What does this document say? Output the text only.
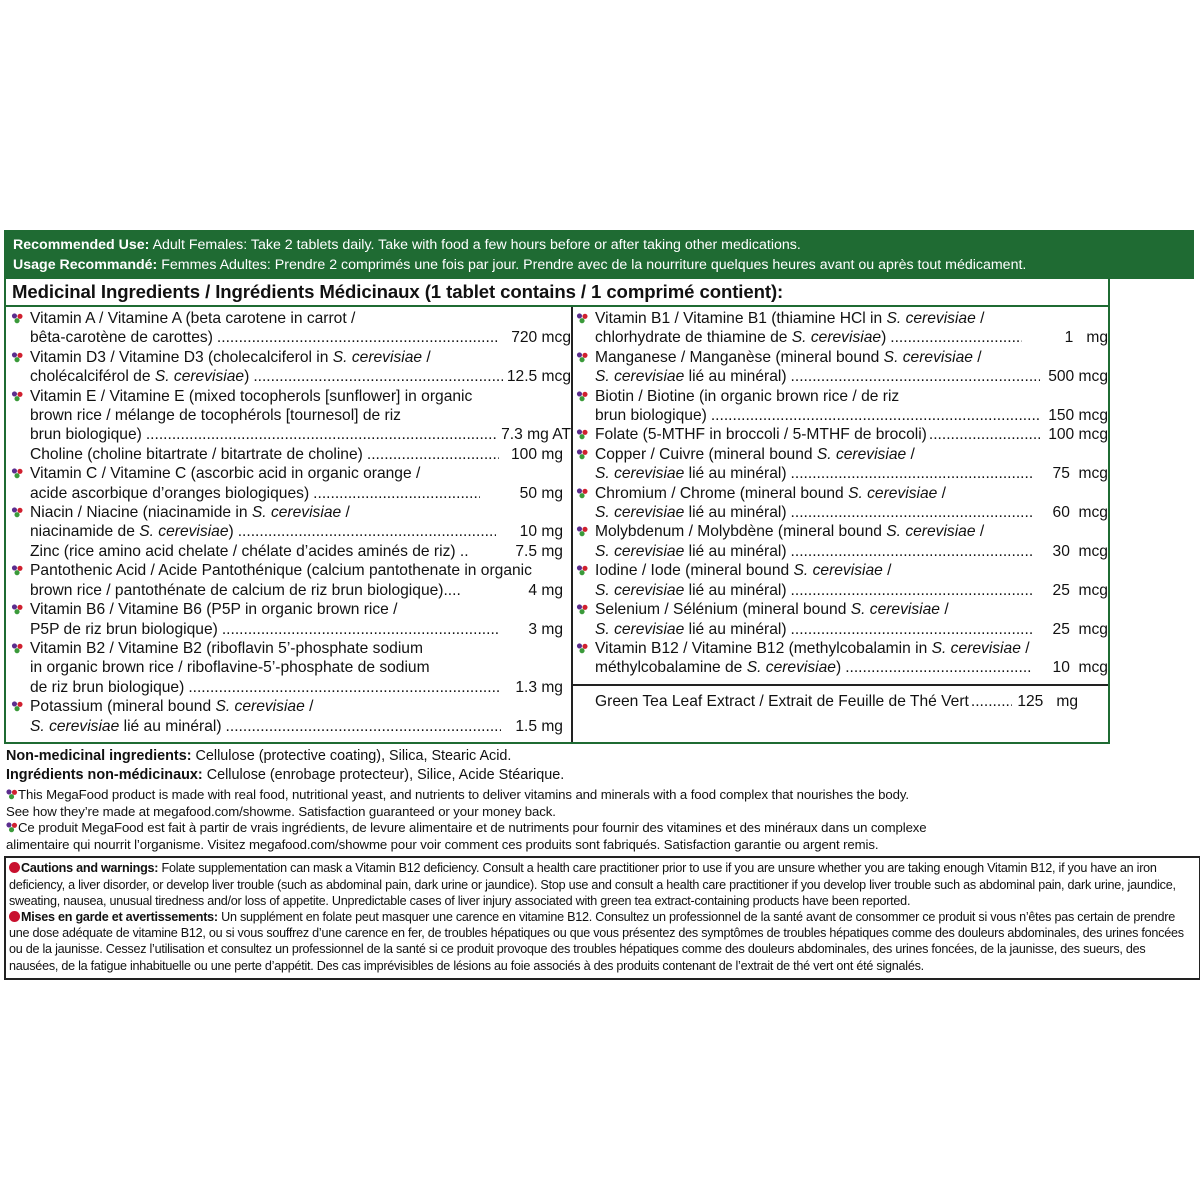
Recommended Use: Adult Females: Take 2 tablets daily. Take with food a few hours before or after taking other medications.
Usage Recommandé: Femmes Adultes: Prendre 2 comprimés une fois par jour. Prendre avec de la nourriture quelques heures avant ou après tout médicament.
Medicinal Ingredients / Ingrédients Médicinaux (1 tablet contains / 1 comprimé contient):
Vitamin A / Vitamine A (beta carotene in carrot /
bêta-carotène de carottes) .....	720 mcg
Vitamin D3 / Vitamine D3 (cholecalciferol in S. cerevisiae /
cholécalciférol de S. cerevisiae) .....	12.5 mcg
Vitamin E / Vitamine E (mixed tocopherols [sunflower] in organic
brown rice / mélange de tocophérols [tournesol] de riz
brun biologique) .....	7.3 mg AT
Choline (choline bitartrate / bitartrate de choline) .....	100 mg
Vitamin C / Vitamine C (ascorbic acid in organic orange /
acide ascorbique d’oranges biologiques) .....	50 mg
Niacin / Niacine (niacinamide in S. cerevisiae /
niacinamide de S. cerevisiae) .....	10 mg
Zinc (rice amino acid chelate / chélate d’acides aminés de riz) ..	7.5 mg
Pantothenic Acid / Acide Pantothénique (calcium pantothenate in organic
brown rice / pantothénate de calcium de riz brun biologique)....	4 mg
Vitamin B6 / Vitamine B6 (P5P in organic brown rice /
P5P de riz brun biologique) .....	3 mg
Vitamin B2 / Vitamine B2 (riboflavin 5’-phosphate sodium
in organic brown rice / riboflavine-5’-phosphate de sodium
de riz brun biologique) .....	1.3 mg
Potassium (mineral bound S. cerevisiae /
S. cerevisiae lié au minéral) .....	1.5 mg
Vitamin B1 / Vitamine B1 (thiamine HCl in S. cerevisiae /
chlorhydrate de thiamine de S. cerevisiae) .....	1   mg
Manganese / Manganèse (mineral bound S. cerevisiae /
S. cerevisiae lié au minéral) .....	500 mcg
Biotin / Biotine (in organic brown rice / de riz
brun biologique) .....	150 mcg
Folate (5-MTHF in broccoli / 5-MTHF de brocoli) .....	100 mcg
Copper / Cuivre (mineral bound S. cerevisiae /
S. cerevisiae lié au minéral) .....	75  mcg
Chromium / Chrome (mineral bound S. cerevisiae /
S. cerevisiae lié au minéral) .....	60  mcg
Molybdenum / Molybdène (mineral bound S. cerevisiae /
S. cerevisiae lié au minéral) .....	30  mcg
Iodine / Iode (mineral bound S. cerevisiae /
S. cerevisiae lié au minéral) .....	25  mcg
Selenium / Sélénium (mineral bound S. cerevisiae /
S. cerevisiae lié au minéral) .....	25  mcg
Vitamin B12 / Vitamine B12 (methylcobalamin in S. cerevisiae /
méthylcobalamine de S. cerevisiae) .....	10  mcg
Green Tea Leaf Extract / Extrait de Feuille de Thé Vert .....	125   mg
Non-medicinal ingredients: Cellulose (protective coating), Silica, Stearic Acid.
Ingrédients non-médicinaux: Cellulose (enrobage protecteur), Silice, Acide Stéarique.
This MegaFood product is made with real food, nutritional yeast, and nutrients to deliver vitamins and minerals with a food complex that nourishes the body.
See how they’re made at megafood.com/showme. Satisfaction guaranteed or your money back.
Ce produit MegaFood est fait à partir de vrais ingrédients, de levure alimentaire et de nutriments pour fournir des vitamines et des minéraux dans un complexe
alimentaire qui nourrit l’organisme. Visitez megafood.com/showme pour voir comment ces produits sont fabriqués. Satisfaction garantie ou argent remis.
Cautions and warnings: Folate supplementation can mask a Vitamin B12 deficiency. Consult a health care practitioner prior to use if you are unsure whether you are taking enough Vitamin B12, if you have an iron deficiency, a liver disorder, or develop liver trouble (such as abdominal pain, dark urine or jaundice). Stop use and consult a health care practitioner if you develop liver trouble such as abdominal pain, dark urine, jaundice, sweating, nausea, unusual tiredness and/or loss of appetite. Unpredictable cases of liver injury associated with green tea extract-containing products have been reported.
Mises en garde et avertissements: Un supplément en folate peut masquer une carence en vitamine B12. Consultez un professionnel de la santé avant de consommer ce produit si vous n’êtes pas certain de prendre une dose adéquate de vitamine B12, ou si vous souffrez d’une carence en fer, de troubles hépatiques ou que vous présentez des symptômes de troubles hépatiques comme des douleurs abdominales, des urines foncées ou de la jaunisse. Cessez l’utilisation et consultez un professionnel de la santé si ce produit provoque des troubles hépatiques comme des douleurs abdominales, des urines foncées, de la jaunisse, des sueurs, des nausées, de la fatigue inhabituelle ou une perte d’appétit. Des cas imprévisibles de lésions au foie associés à des produits contenant de l’extrait de thé vert ont été signalés.
